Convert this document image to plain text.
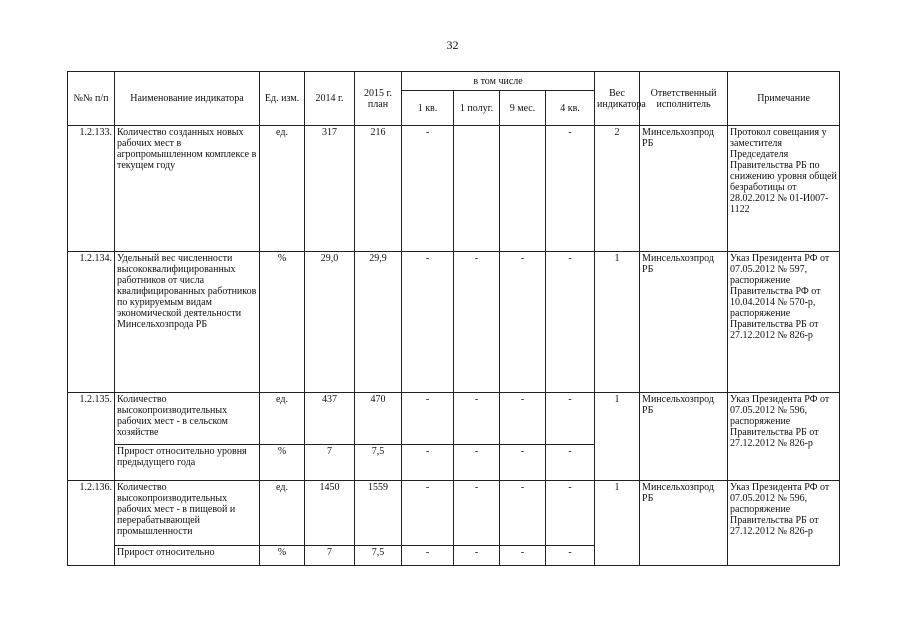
32
№№ п/п	Наименование индикатора	Ед. изм.	2014 г.	2015 г. план	в том числе				Вес индикатора	Ответственный исполнитель	Примечание
					1 кв.	1 полуг.	9 мес.	4 кв.			
1.2.133.	Количество созданных новых рабочих мест в агропромышленном комплексе в текущем году	ед.	317	216	-			-	2	Минсельхозпрод РБ	Протокол совещания у заместителя Председателя Правительства РБ по снижению уровня общей безработицы от 28.02.2012 № 01-И007-1122
1.2.134.	Удельный вес численности высококвалифицированных работников от числа квалифицированных работников по курируемым видам экономической деятельности Минсельхозпрода РБ	%	29,0	29,9	-	-	-	-	1	Минсельхозпрод РБ	Указ Президента РФ от 07.05.2012 № 597, распоряжение Правительства РФ от 10.04.2014 № 570-р, распоряжение Правительства РБ от 27.12.2012 № 826-р
1.2.135.	Количество высокопроизводительных рабочих мест - в сельском хозяйстве	ед.	437	470	-	-	-	-	1	Минсельхозпрод РБ	Указ Президента РФ от 07.05.2012 № 596, распоряжение Правительства РБ от 27.12.2012 № 826-р
	Прирост относительно уровня предыдущего года	%	7	7,5	-	-	-	-			
1.2.136.	Количество высокопроизводительных рабочих мест - в пищевой и перерабатывающей промышленности	ед.	1450	1559	-	-	-	-	1	Минсельхозпрод РБ	Указ Президента РФ от 07.05.2012 № 596, распоряжение Правительства РБ от 27.12.2012 № 826-р
	Прирост относительно	%	7	7,5	-	-	-	-			
